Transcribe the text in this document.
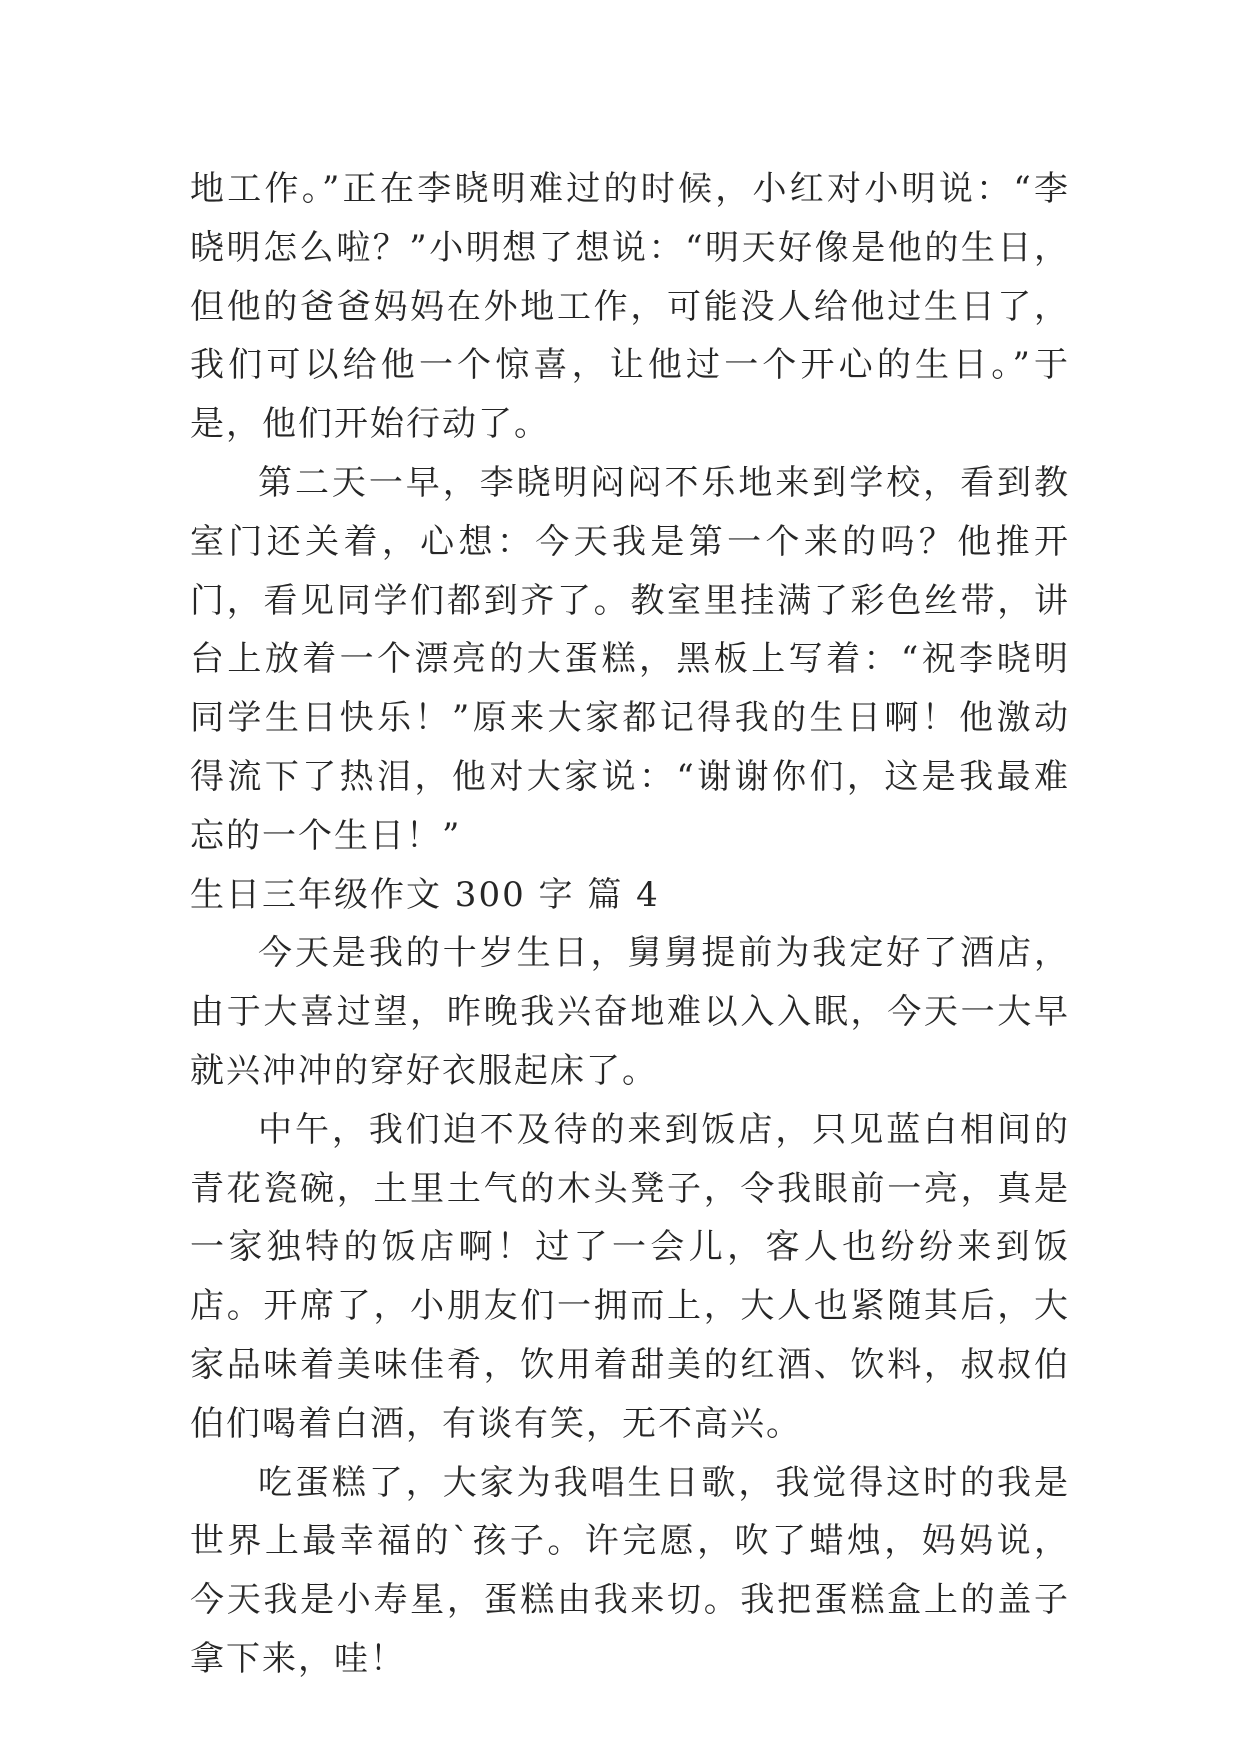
地工作。”正在李晓明难过的时候，小红对小明说：“李晓明怎么啦？”小明想了想说：“明天好像是他的生日，但他的爸爸妈妈在外地工作，可能没人给他过生日了，我们可以给他一个惊喜，让他过一个开心的生日。”于是，他们开始行动了。

第二天一早，李晓明闷闷不乐地来到学校，看到教室门还关着，心想：今天我是第一个来的吗？他推开门，看见同学们都到齐了。教室里挂满了彩色丝带，讲台上放着一个漂亮的大蛋糕，黑板上写着：“祝李晓明同学生日快乐！”原来大家都记得我的生日啊！他激动得流下了热泪，他对大家说：“谢谢你们，这是我最难忘的一个生日！”

生日三年级作文 300 字 篇 4

今天是我的十岁生日，舅舅提前为我定好了酒店，由于大喜过望，昨晚我兴奋地难以入入眠，今天一大早就兴冲冲的穿好衣服起床了。

中午，我们迫不及待的来到饭店，只见蓝白相间的青花瓷碗，土里土气的木头凳子，令我眼前一亮，真是一家独特的饭店啊！过了一会儿，客人也纷纷来到饭店。开席了，小朋友们一拥而上，大人也紧随其后，大家品味着美味佳肴，饮用着甜美的红酒、饮料，叔叔伯伯们喝着白酒，有谈有笑，无不高兴。

吃蛋糕了，大家为我唱生日歌，我觉得这时的我是世界上最幸福的`孩子。许完愿，吹了蜡烛，妈妈说，今天我是小寿星，蛋糕由我来切。我把蛋糕盒上的盖子拿下来，哇！
